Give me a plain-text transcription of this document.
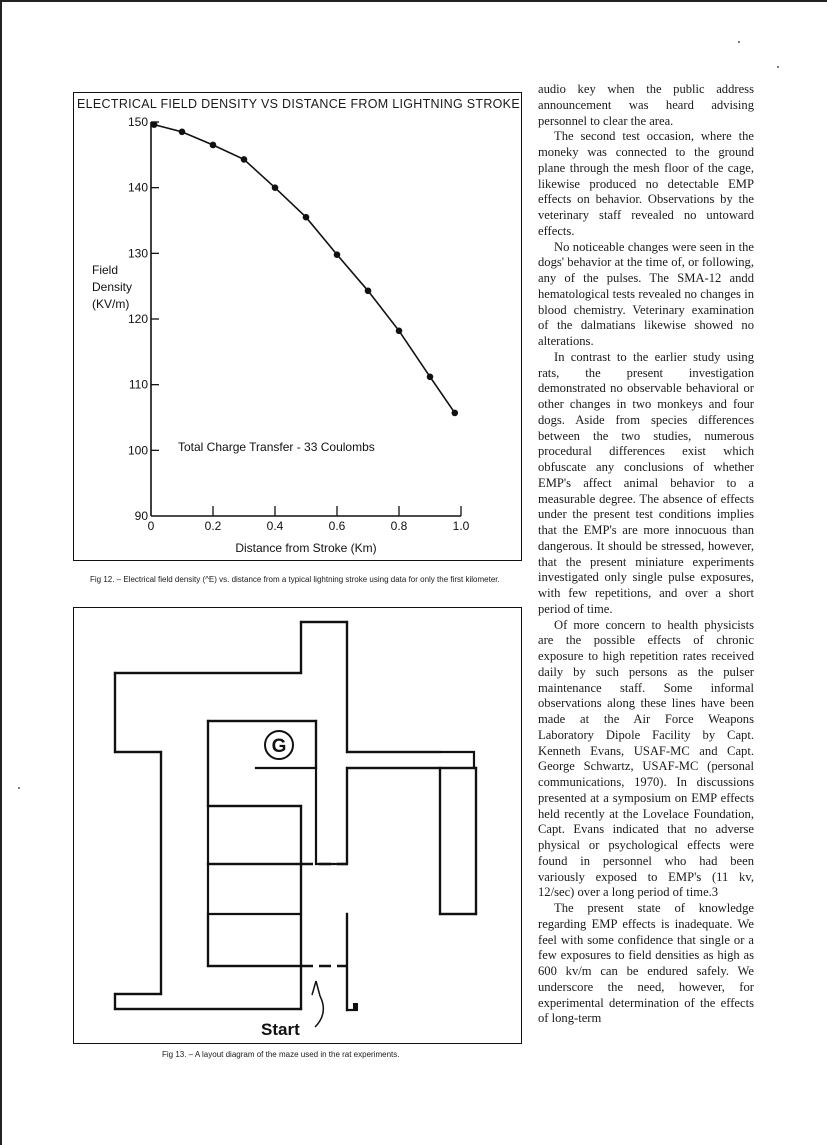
ELECTRICAL FIELD DENSITY VS DISTANCE FROM LIGHTNING STROKE
90
100
110
120
130
140
150
0	0.2	0.4	0.6	0.8	1.0
Distance from Stroke (Km)
Field
Density
(KV/m)
Total Charge Transfer - 33 Coulombs
Fig 12. – Electrical field density (^E) vs. distance from a typical lightning stroke using data for only the first kilometer.
G
Start
Fig 13. – A layout diagram of the maze used in the rat experiments.

audio key when the public address announcement was heard advising personnel to clear the area.

The second test occasion, where the moneky was connected to the ground plane through the mesh floor of the cage, likewise produced no detectable EMP effects on behavior. Observations by the veterinary staff revealed no untoward effects.

No noticeable changes were seen in the dogs' behavior at the time of, or following, any of the pulses. The SMA-12 andd hematological tests revealed no changes in blood chemistry. Veterinary examination of the dalmatians likewise showed no alterations.

In contrast to the earlier study using rats, the present investigation demonstrated no observable behavioral or other changes in two monkeys and four dogs. Aside from species differences between the two studies, numerous procedural differences exist which obfuscate any conclusions of whether EMP's affect animal behavior to a measurable degree. The absence of effects under the present test conditions implies that the EMP's are more innocuous than dangerous. It should be stressed, however, that the present miniature experiments investigated only single pulse exposures, with few repetitions, and over a short period of time.

Of more concern to health physicists are the possible effects of chronic exposure to high repetition rates received daily by such persons as the pulser maintenance staff. Some informal observations along these lines have been made at the Air Force Weapons Laboratory Dipole Facility by Capt. Kenneth Evans, USAF-MC and Capt. George Schwartz, USAF-MC (personal communications, 1970). In discussions presented at a symposium on EMP effects held recently at the Lovelace Foundation, Capt. Evans indicated that no adverse physical or psychological effects were found in personnel who had been variously exposed to EMP's (11 kv, 12/sec) over a long period of time.3

The present state of knowledge regarding EMP effects is inadequate. We feel with some confidence that single or a few exposures to field densities as high as 600 kv/m can be endured safely. We underscore the need, however, for experimental determination of the effects of long-term
